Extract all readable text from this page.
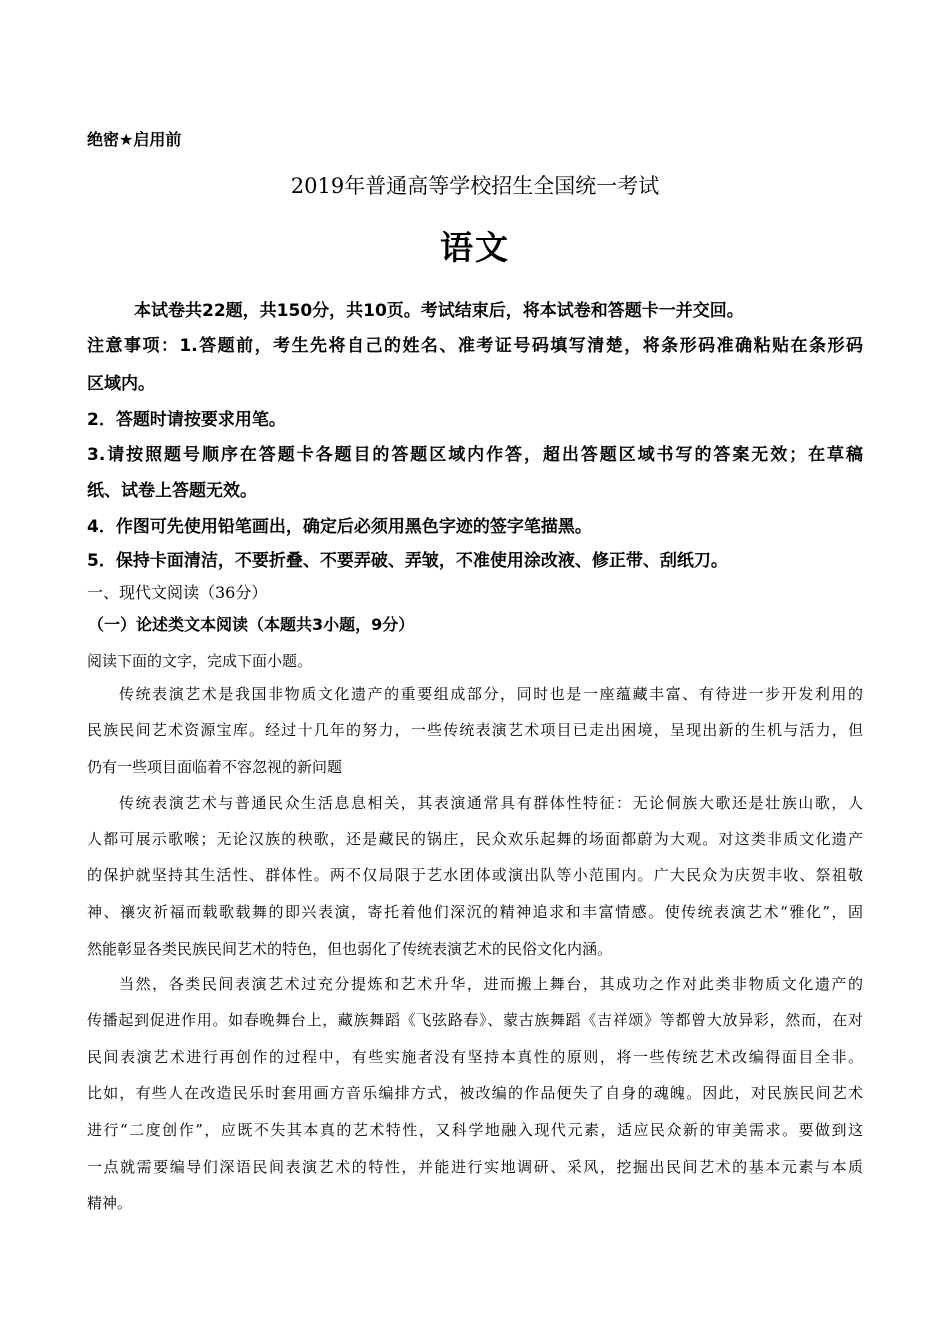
绝密★启用前
2019年普通高等学校招生全国统一考试
语文
本试卷共22题，共150分，共10页。考试结束后，将本试卷和答题卡一并交回。
注意事项：1.答题前，考生先将自己的姓名、准考证号码填写清楚，将条形码准确粘贴在条形码
区域内。
2．答题时请按要求用笔。
3.请按照题号顺序在答题卡各题目的答题区域内作答，超出答题区域书写的答案无效；在草稿
纸、试卷上答题无效。
4．作图可先使用铅笔画出，确定后必须用黑色字迹的签字笔描黑。
5．保持卡面清洁，不要折叠、不要弄破、弄皱，不准使用涂改液、修正带、刮纸刀。
一、现代文阅读（36分）
（一）论述类文本阅读（本题共3小题，9分）
阅读下面的文字，完成下面小题。
传统表演艺术是我国非物质文化遗产的重要组成部分，同时也是一座蕴藏丰富、有待进一步开发利用的
民族民间艺术资源宝库。经过十几年的努力，一些传统表演艺术项目已走出困境，呈现出新的生机与活力，但
仍有一些项目面临着不容忽视的新问题
传统表演艺术与普通民众生活息息相关，其表演通常具有群体性特征：无论侗族大歌还是壮族山歌，人
人都可展示歌喉；无论汉族的秧歌，还是藏民的锅庄，民众欢乐起舞的场面都蔚为大观。对这类非质文化遗产
的保护就坚持其生活性、群体性。两不仅局限于艺水团体或演出队等小范围内。广大民众为庆贺丰收、祭祖敬
神、禳灾祈福而载歌载舞的即兴表演，寄托着他们深沉的精神追求和丰富情感。使传统表演艺术“雅化”，固
然能彰显各类民族民间艺术的特色，但也弱化了传统表演艺术的民俗文化内涵。
当然，各类民间表演艺术过充分提炼和艺术升华，进而搬上舞台，其成功之作对此类非物质文化遗产的
传播起到促进作用。如春晚舞台上，藏族舞蹈《飞弦路春》、蒙古族舞蹈《吉祥颂》等都曾大放异彩，然而，在对
民间表演艺术进行再创作的过程中，有些实施者没有坚持本真性的原则，将一些传统艺术改编得面目全非。
比如，有些人在改造民乐时套用画方音乐编排方式，被改编的作品便失了自身的魂魄。因此，对民族民间艺术
进行“二度创作”，应既不失其本真的艺术特性，又科学地融入现代元素，适应民众新的审美需求。要做到这
一点就需要编导们深语民间表演艺术的特性，并能进行实地调研、采风，挖掘出民间艺术的基本元素与本质
精神。
